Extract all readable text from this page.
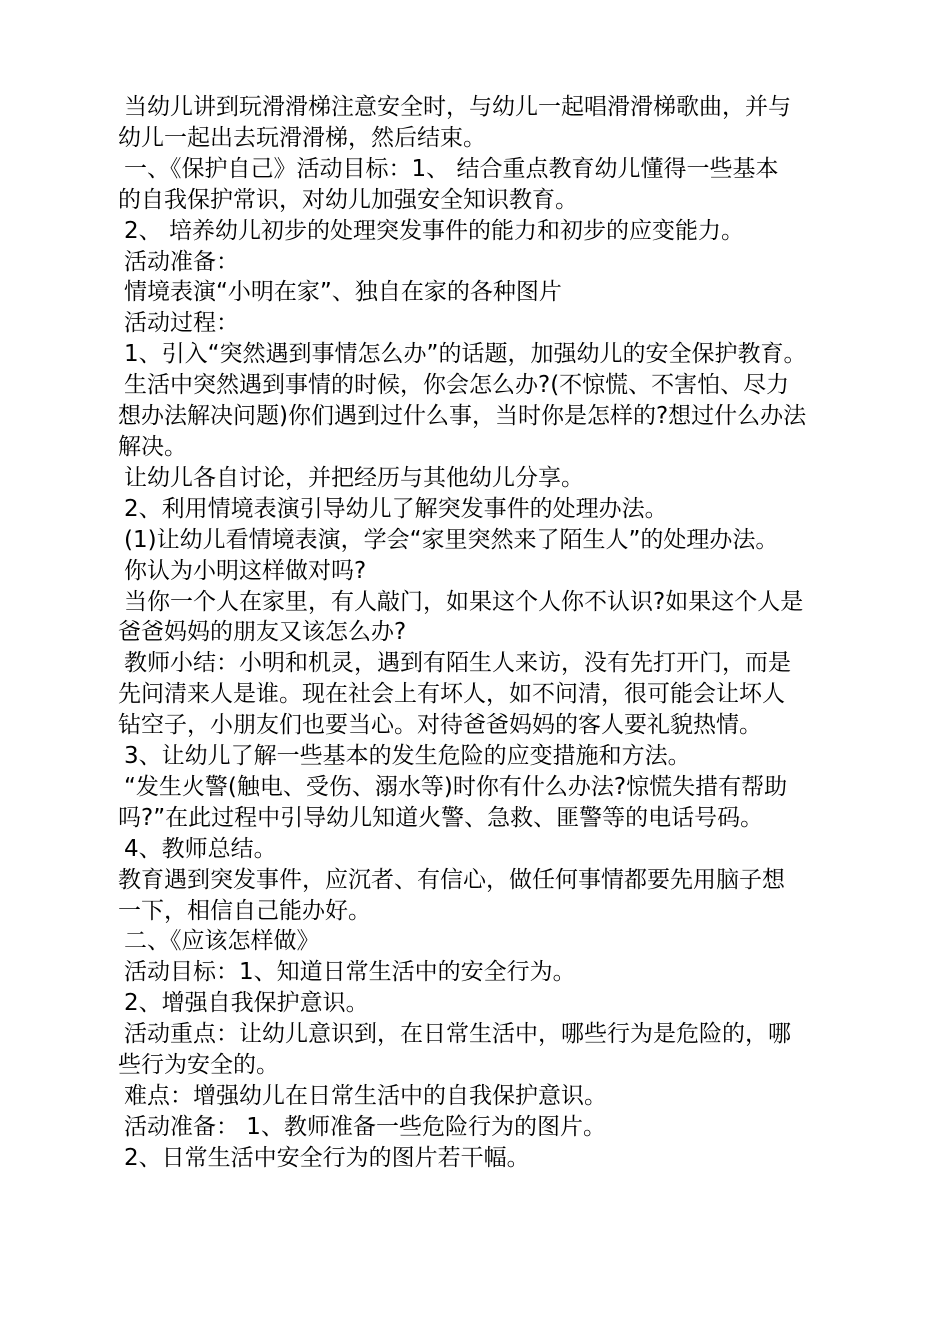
当幼儿讲到玩滑滑梯注意安全时，与幼儿一起唱滑滑梯歌曲，并与
幼儿一起出去玩滑滑梯，然后结束。
一、《保护自己》活动目标：1、 结合重点教育幼儿懂得一些基本
的自我保护常识，对幼儿加强安全知识教育。
2、 培养幼儿初步的处理突发事件的能力和初步的应变能力。
活动准备：
情境表演“小明在家”、独自在家的各种图片
活动过程：
1、引入“突然遇到事情怎么办”的话题，加强幼儿的安全保护教育。
生活中突然遇到事情的时候，你会怎么办?(不惊慌、不害怕、尽力
想办法解决问题)你们遇到过什么事，当时你是怎样的?想过什么办法
解决。
让幼儿各自讨论，并把经历与其他幼儿分享。
2、利用情境表演引导幼儿了解突发事件的处理办法。
(1)让幼儿看情境表演，学会“家里突然来了陌生人”的处理办法。
你认为小明这样做对吗?
当你一个人在家里，有人敲门，如果这个人你不认识?如果这个人是
爸爸妈妈的朋友又该怎么办?
教师小结：小明和机灵，遇到有陌生人来访，没有先打开门，而是
先问清来人是谁。现在社会上有坏人，如不问清，很可能会让坏人
钻空子，小朋友们也要当心。对待爸爸妈妈的客人要礼貌热情。
3、让幼儿了解一些基本的发生危险的应变措施和方法。
“发生火警(触电、受伤、溺水等)时你有什么办法?惊慌失措有帮助
吗?”在此过程中引导幼儿知道火警、急救、匪警等的电话号码。
4、教师总结。
教育遇到突发事件，应沉者、有信心，做任何事情都要先用脑子想
一下，相信自己能办好。
二、《应该怎样做》
活动目标：1、知道日常生活中的安全行为。
2、增强自我保护意识。
活动重点：让幼儿意识到，在日常生活中，哪些行为是危险的，哪
些行为安全的。
难点：增强幼儿在日常生活中的自我保护意识。
活动准备： 1、教师准备一些危险行为的图片。
2、日常生活中安全行为的图片若干幅。
